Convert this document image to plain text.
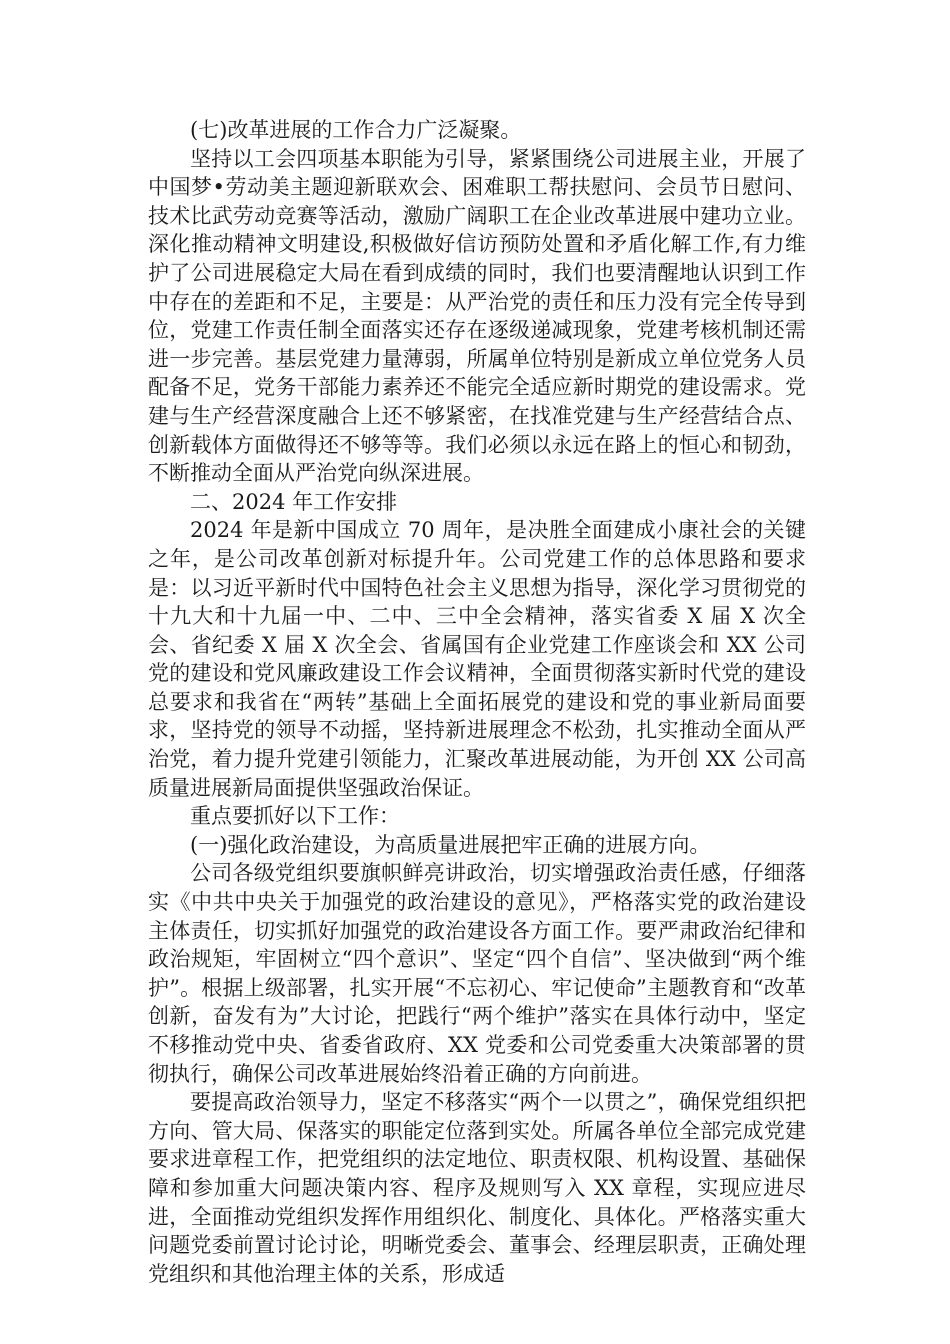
(七)改革进展的工作合力广泛凝聚。

坚持以工会四项基本职能为引导，紧紧围绕公司进展主业，开展了中国梦•劳动美主题迎新联欢会、困难职工帮扶慰问、会员节日慰问、技术比武劳动竞赛等活动，激励广阔职工在企业改革进展中建功立业。深化推动精神文明建设,积极做好信访预防处置和矛盾化解工作,有力维护了公司进展稳定大局在看到成绩的同时，我们也要清醒地认识到工作中存在的差距和不足，主要是：从严治党的责任和压力没有完全传导到位，党建工作责任制全面落实还存在逐级递减现象，党建考核机制还需进一步完善。基层党建力量薄弱，所属单位特别是新成立单位党务人员配备不足，党务干部能力素养还不能完全适应新时期党的建设需求。党建与生产经营深度融合上还不够紧密，在找准党建与生产经营结合点、创新载体方面做得还不够等等。我们必须以永远在路上的恒心和韧劲，不断推动全面从严治党向纵深进展。

二、2024 年工作安排

2024 年是新中国成立 70 周年，是决胜全面建成小康社会的关键之年，是公司改革创新对标提升年。公司党建工作的总体思路和要求是：以习近平新时代中国特色社会主义思想为指导，深化学习贯彻党的十九大和十九届一中、二中、三中全会精神，落实省委 X 届 X 次全会、省纪委 X 届 X 次全会、省属国有企业党建工作座谈会和 XX 公司党的建设和党风廉政建设工作会议精神，全面贯彻落实新时代党的建设总要求和我省在“两转”基础上全面拓展党的建设和党的事业新局面要求，坚持党的领导不动摇，坚持新进展理念不松劲，扎实推动全面从严治党，着力提升党建引领能力，汇聚改革进展动能，为开创 XX 公司高质量进展新局面提供坚强政治保证。

重点要抓好以下工作：

(一)强化政治建设，为高质量进展把牢正确的进展方向。

公司各级党组织要旗帜鲜亮讲政治，切实增强政治责任感，仔细落实《中共中央关于加强党的政治建设的意见》，严格落实党的政治建设主体责任，切实抓好加强党的政治建设各方面工作。要严肃政治纪律和政治规矩，牢固树立“四个意识”、坚定“四个自信”、坚决做到“两个维护”。根据上级部署，扎实开展“不忘初心、牢记使命”主题教育和“改革创新，奋发有为”大讨论，把践行“两个维护”落实在具体行动中，坚定不移推动党中央、省委省政府、XX 党委和公司党委重大决策部署的贯彻执行，确保公司改革进展始终沿着正确的方向前进。

要提高政治领导力，坚定不移落实“两个一以贯之”，确保党组织把方向、管大局、保落实的职能定位落到实处。所属各单位全部完成党建要求进章程工作，把党组织的法定地位、职责权限、机构设置、基础保障和参加重大问题决策内容、程序及规则写入 XX 章程，实现应进尽进，全面推动党组织发挥作用组织化、制度化、具体化。严格落实重大问题党委前置讨论讨论，明晰党委会、董事会、经理层职责，正确处理党组织和其他治理主体的关系，形成适
